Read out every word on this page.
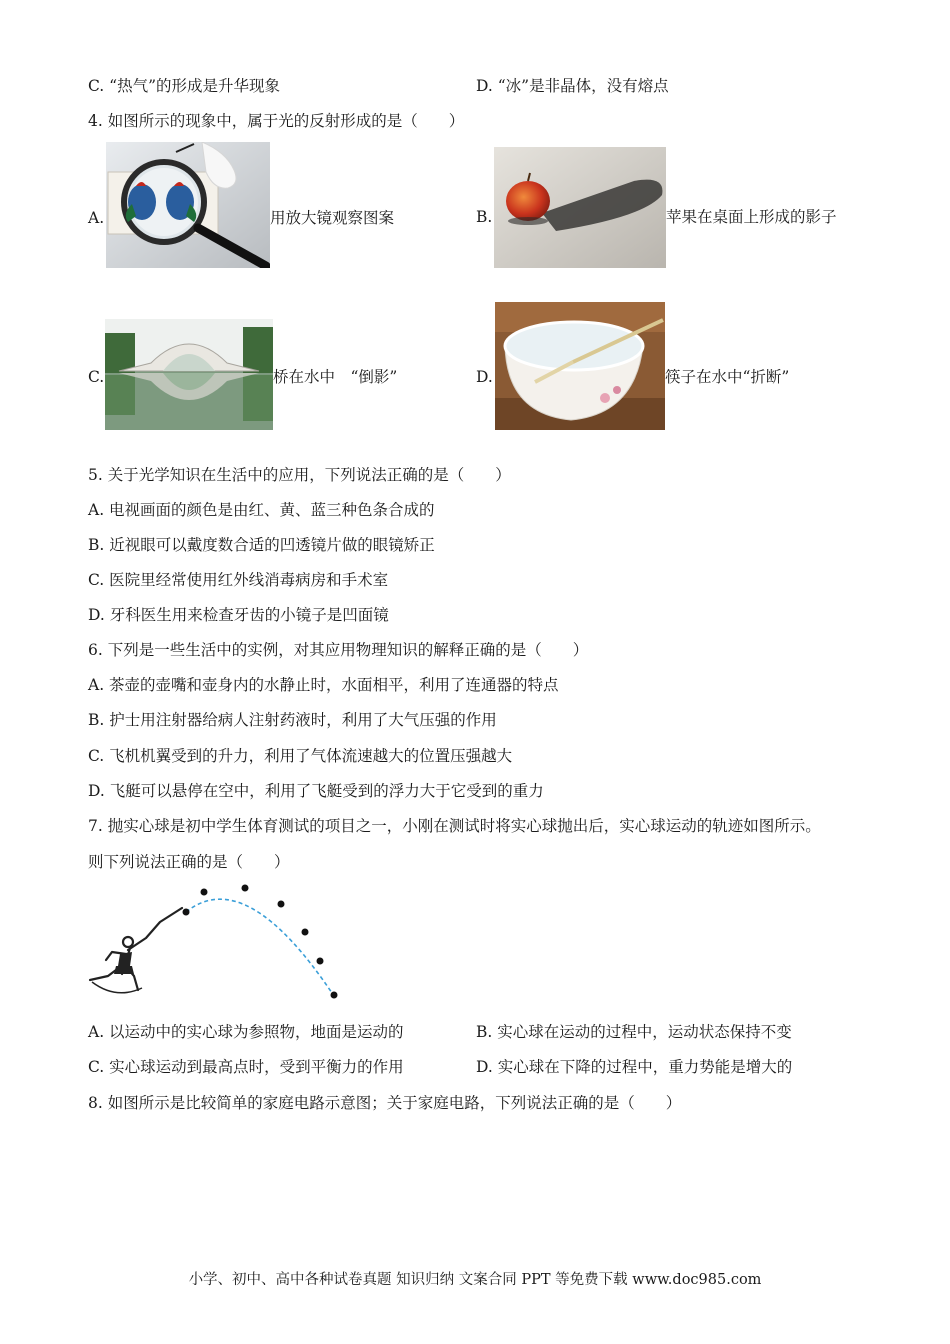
C. “热气”的形成是升华现象	D. “冰”是非晶体，没有熔点
4. 如图所示的现象中，属于光的反射形成的是（　　）
A.	用放大镜观察图案	B.	苹果在桌面上形成的影子
C.	桥在水中　“倒影”	D.	筷子在水中“折断”
5. 关于光学知识在生活中的应用，下列说法正确的是（　　）
A. 电视画面的颜色是由红、黄、蓝三种色条合成的
B. 近视眼可以戴度数合适的凹透镜片做的眼镜矫正
C. 医院里经常使用红外线消毒病房和手术室
D. 牙科医生用来检查牙齿的小镜子是凹面镜
6. 下列是一些生活中的实例，对其应用物理知识的解释正确的是（　　）
A. 茶壶的壶嘴和壶身内的水静止时，水面相平，利用了连通器的特点
B. 护士用注射器给病人注射药液时，利用了大气压强的作用
C. 飞机机翼受到的升力，利用了气体流速越大的位置压强越大
D. 飞艇可以悬停在空中，利用了飞艇受到的浮力大于它受到的重力
7. 抛实心球是初中学生体育测试的项目之一，小刚在测试时将实心球抛出后，实心球运动的轨迹如图所示。
则下列说法正确的是（　　）
A. 以运动中的实心球为参照物，地面是运动的	B. 实心球在运动的过程中，运动状态保持不变
C. 实心球运动到最高点时，受到平衡力的作用	D. 实心球在下降的过程中，重力势能是增大的
8. 如图所示是比较简单的家庭电路示意图；关于家庭电路，下列说法正确的是（　　）
小学、初中、高中各种试卷真题 知识归纳 文案合同 PPT 等免费下载 www.doc985.com
